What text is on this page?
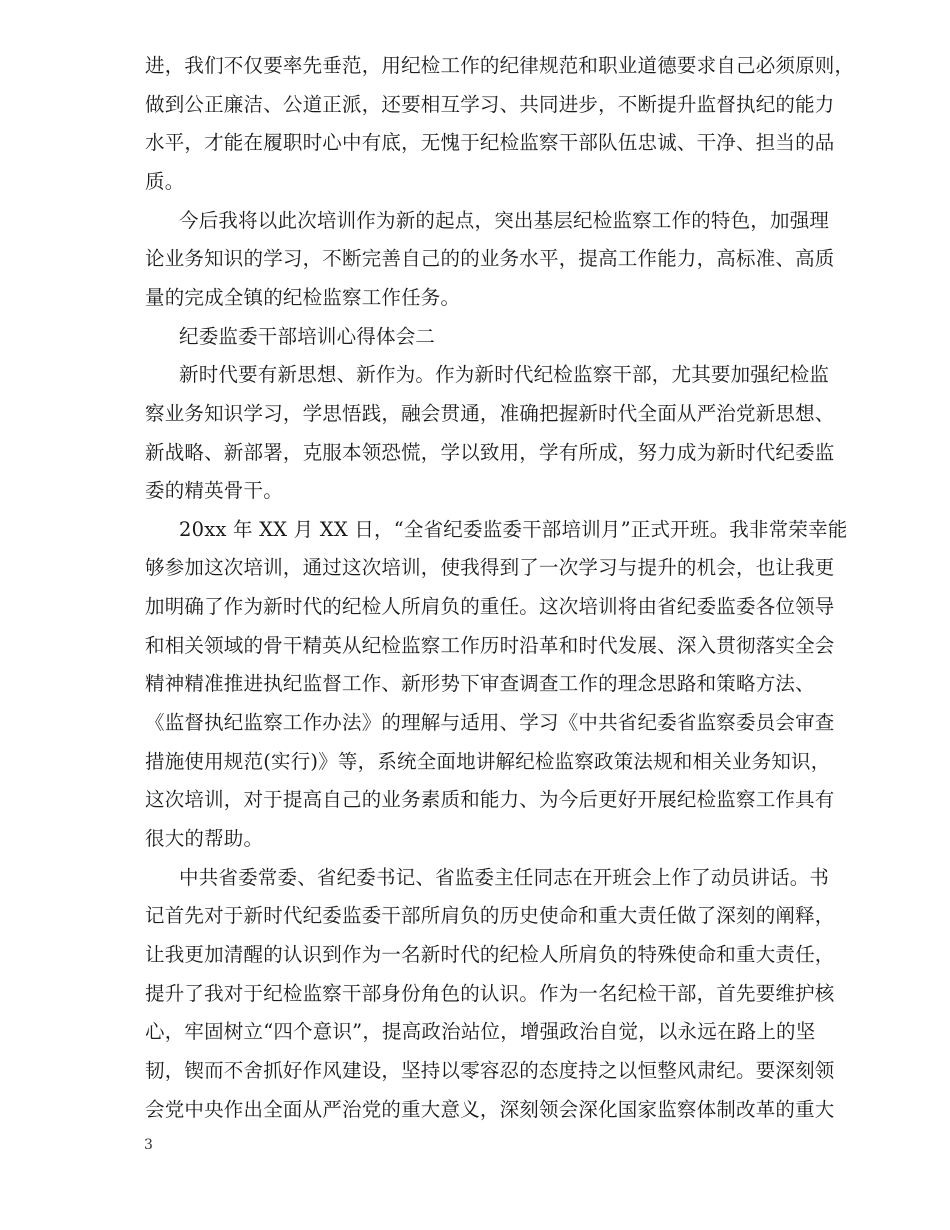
进，我们不仅要率先垂范，用纪检工作的纪律规范和职业道德要求自己必须原则，
做到公正廉洁、公道正派，还要相互学习、共同进步，不断提升监督执纪的能力
水平，才能在履职时心中有底，无愧于纪检监察干部队伍忠诚、干净、担当的品
质。
今后我将以此次培训作为新的起点，突出基层纪检监察工作的特色，加强理
论业务知识的学习，不断完善自己的的业务水平，提高工作能力，高标准、高质
量的完成全镇的纪检监察工作任务。
纪委监委干部培训心得体会二
新时代要有新思想、新作为。作为新时代纪检监察干部，尤其要加强纪检监
察业务知识学习，学思悟践，融会贯通，准确把握新时代全面从严治党新思想、
新战略、新部署，克服本领恐慌，学以致用，学有所成，努力成为新时代纪委监
委的精英骨干。
20xx 年 XX 月 XX 日，“全省纪委监委干部培训月”正式开班。我非常荣幸能
够参加这次培训，通过这次培训，使我得到了一次学习与提升的机会，也让我更
加明确了作为新时代的纪检人所肩负的重任。这次培训将由省纪委监委各位领导
和相关领域的骨干精英从纪检监察工作历时沿革和时代发展、深入贯彻落实全会
精神精准推进执纪监督工作、新形势下审查调查工作的理念思路和策略方法、
《监督执纪监察工作办法》的理解与适用、学习《中共省纪委省监察委员会审查
措施使用规范(实行)》等，系统全面地讲解纪检监察政策法规和相关业务知识，
这次培训，对于提高自己的业务素质和能力、为今后更好开展纪检监察工作具有
很大的帮助。
中共省委常委、省纪委书记、省监委主任同志在开班会上作了动员讲话。书
记首先对于新时代纪委监委干部所肩负的历史使命和重大责任做了深刻的阐释，
让我更加清醒的认识到作为一名新时代的纪检人所肩负的特殊使命和重大责任，
提升了我对于纪检监察干部身份角色的认识。作为一名纪检干部，首先要维护核
心，牢固树立“四个意识”，提高政治站位，增强政治自觉，以永远在路上的坚
韧，锲而不舍抓好作风建设，坚持以零容忍的态度持之以恒整风肃纪。要深刻领
会党中央作出全面从严治党的重大意义，深刻领会深化国家监察体制改革的重大
3
